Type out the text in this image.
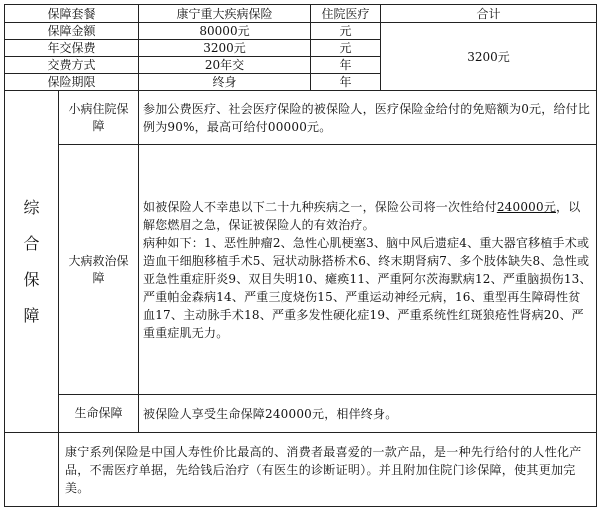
保障套餐	康宁重大疾病保险	住院医疗	合计
保障金额	80000元	元	3200元
年交保费	3200元	元	
交费方式	20年交	年	
保险期限	终身	年	
综
合
保
障	小病住院保障	参加公费医疗、社会医疗保险的被保险人，医疗保险金给付的免赔额为0元，给付比例为90%，最高可给付00000元。
	大病救治保障	如被保险人不幸患以下二十九种疾病之一，保险公司将一次性给付240000元，以解您燃眉之急，保证被保险人的有效治疗。

病种如下：1、恶性肿瘤2、急性心肌梗塞3、脑中风后遗症4、重大器官移植手术或造血干细胞移植手术5、冠状动脉搭桥术6、终末期肾病7、多个肢体缺失8、急性或亚急性重症肝炎9、双目失明10、瘫痪11、严重阿尔茨海默病12、严重脑损伤13、严重帕金森病14、严重三度烧伤15、严重运动神经元病，16、重型再生障碍性贫血17、主动脉手术18、严重多发性硬化症19、严重系统性红斑狼疮性肾病20、严重重症肌无力。

	生命保障	被保险人享受生命保障240000元，相伴终身。
	康宁系列保险是中国人寿性价比最高的、消费者最喜爱的一款产品，是一种先行给付的人性化产品，不需医疗单据，先给钱后治疗（有医生的诊断证明）。并且附加住院门诊保障，使其更加完美。	
